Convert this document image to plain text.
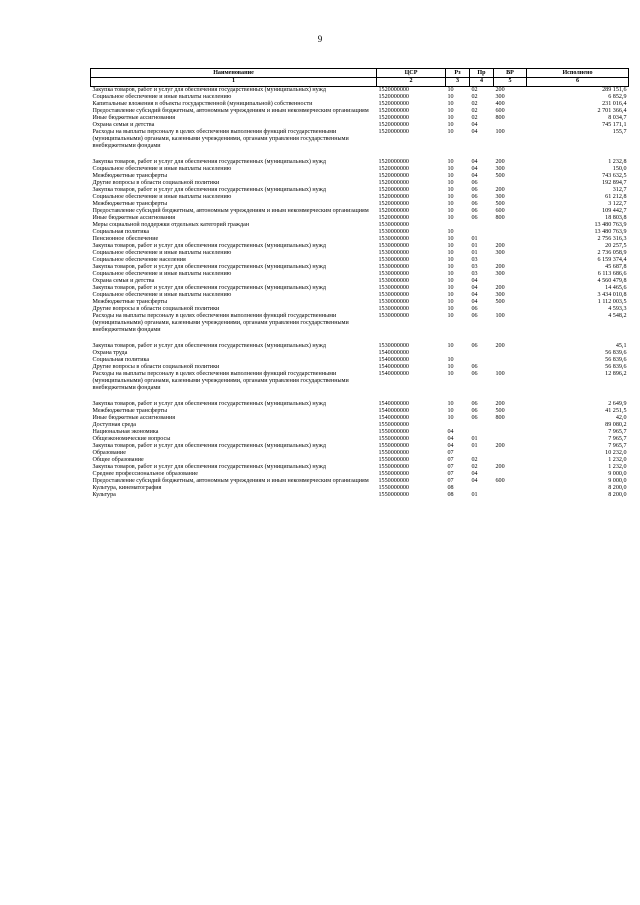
9
Наименование	ЦСР	Рз	Пр	ВР	Исполнено
1	2	3	4	5	6
Закупка товаров, работ и услуг для обеспечения государственных (муниципальных) нужд	1520000000	10	02	200	289 151,6
Социальное обеспечение и иные выплаты населению	1520000000	10	02	300	6 852,9
Капитальные вложения в объекты государственной (муниципальной) собственности	1520000000	10	02	400	231 016,4
Предоставление субсидий бюджетным, автономным учреждениям и иным некоммерческим организациям	1520000000	10	02	600	2 701 366,4
Иные бюджетные ассигнования	1520000000	10	02	800	8 034,7
Охрана семьи и детства	1520000000	10	04		745 171,1
Расходы на выплаты персоналу в целях обеспечения выполнения функций государственными (муниципальными) органами, казенными учреждениями, органами управления государственными внебюджетными фондами	1520000000	10	04	100	155,7

Закупка товаров, работ и услуг для обеспечения государственных (муниципальных) нужд	1520000000	10	04	200	1 232,8
Социальное обеспечение и иные выплаты населению	1520000000	10	04	300	150,0
Межбюджетные трансферты	1520000000	10	04	500	743 632,5
Другие вопросы в области социальной политики	1520000000	10	06		192 894,7
Закупка товаров, работ и услуг для обеспечения государственных (муниципальных) нужд	1520000000	10	06	200	312,7
Социальное обеспечение и иные выплаты населению	1520000000	10	06	300	61 212,8
Межбюджетные трансферты	1520000000	10	06	500	3 122,7
Предоставление субсидий бюджетным, автономным учреждениям и иным некоммерческим организациям	1520000000	10	06	600	109 442,7
Иные бюджетные ассигнования	1520000000	10	06	800	18 803,8
Меры социальной поддержки отдельных категорий граждан	1530000000				13 480 763,9
Социальная политика	1530000000	10			13 480 763,9
Пенсионное обеспечение	1530000000	10	01		2 756 316,3
Закупка товаров, работ и услуг для обеспечения государственных (муниципальных) нужд	1530000000	10	01	200	20 257,5
Социальное обеспечение и иные выплаты населению	1530000000	10	01	300	2 736 058,9
Социальное обеспечение населения	1530000000	10	03		6 159 374,4
Закупка товаров, работ и услуг для обеспечения государственных (муниципальных) нужд	1530000000	10	03	200	45 687,8
Социальное обеспечение и иные выплаты населению	1530000000	10	03	300	6 113 686,6
Охрана семьи и детства	1530000000	10	04		4 560 479,8
Закупка товаров, работ и услуг для обеспечения государственных (муниципальных) нужд	1530000000	10	04	200	14 465,6
Социальное обеспечение и иные выплаты населению	1530000000	10	04	300	3 434 010,8
Межбюджетные трансферты	1530000000	10	04	500	1 112 003,5
Другие вопросы в области социальной политики	1530000000	10	06		4 593,3
Расходы на выплаты персоналу в целях обеспечения выполнения функций государственными (муниципальными) органами, казенными учреждениями, органами управления государственными внебюджетными фондами	1530000000	10	06	100	4 548,2

Закупка товаров, работ и услуг для обеспечения государственных (муниципальных) нужд	1530000000	10	06	200	45,1
Охрана труда	1540000000				56 839,6
Социальная политика	1540000000	10			56 839,6
Другие вопросы в области социальной политики	1540000000	10	06		56 839,6
Расходы на выплаты персоналу в целях обеспечения выполнения функций государственными (муниципальными) органами, казенными учреждениями, органами управления государственными внебюджетными фондами	1540000000	10	06	100	12 896,2

Закупка товаров, работ и услуг для обеспечения государственных (муниципальных) нужд	1540000000	10	06	200	2 649,9
Межбюджетные трансферты	1540000000	10	06	500	41 251,5
Иные бюджетные ассигнования	1540000000	10	06	800	42,0
Доступная среда	1550000000				89 080,2
Национальная экономика	1550000000	04			7 965,7
Общеэкономические вопросы	1550000000	04	01		7 965,7
Закупка товаров, работ и услуг для обеспечения государственных (муниципальных) нужд	1550000000	04	01	200	7 965,7
Образование	1550000000	07			10 232,0
Общее образование	1550000000	07	02		1 232,0
Закупка товаров, работ и услуг для обеспечения государственных (муниципальных) нужд	1550000000	07	02	200	1 232,0
Среднее профессиональное образование	1550000000	07	04		9 000,0
Предоставление субсидий бюджетным, автономным учреждениям и иным некоммерческим организациям	1550000000	07	04	600	9 000,0
Культура, кинематография	1550000000	08			8 200,0
Культура	1550000000	08	01		8 200,0
